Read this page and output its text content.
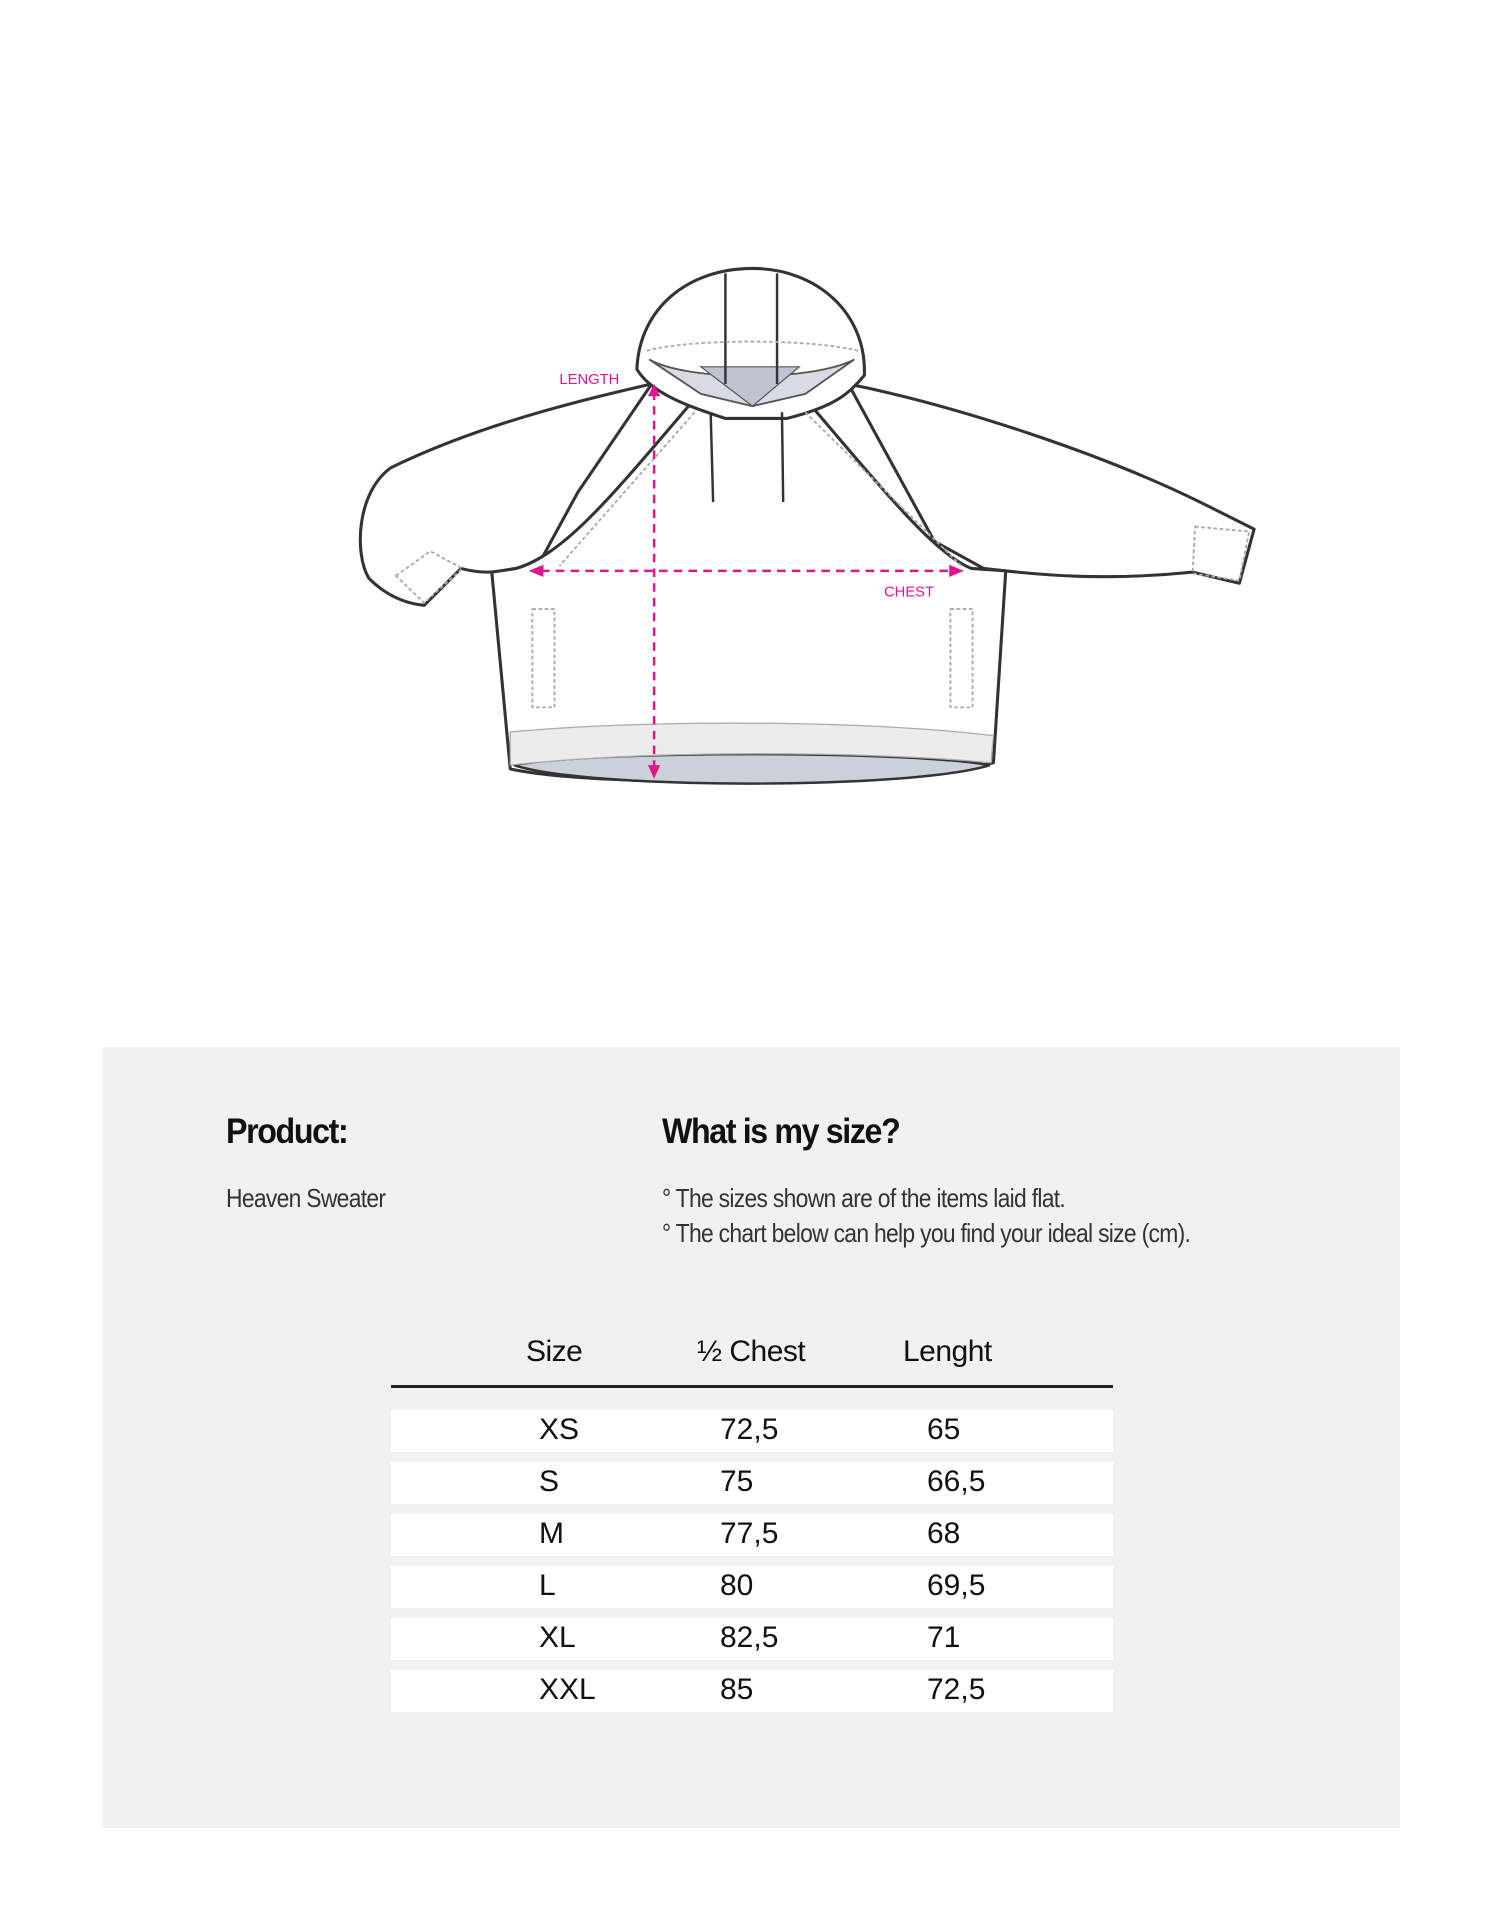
LENGTH
CHEST
Product:
Heaven Sweater
What is my size?
° The sizes shown are of the items laid flat.
° The chart below can help you find your ideal size (cm).
Size	½ Chest	Lenght
XS	72,5	65
S	75	66,5
M	77,5	68
L	80	69,5
XL	82,5	71
XXL	85	72,5
